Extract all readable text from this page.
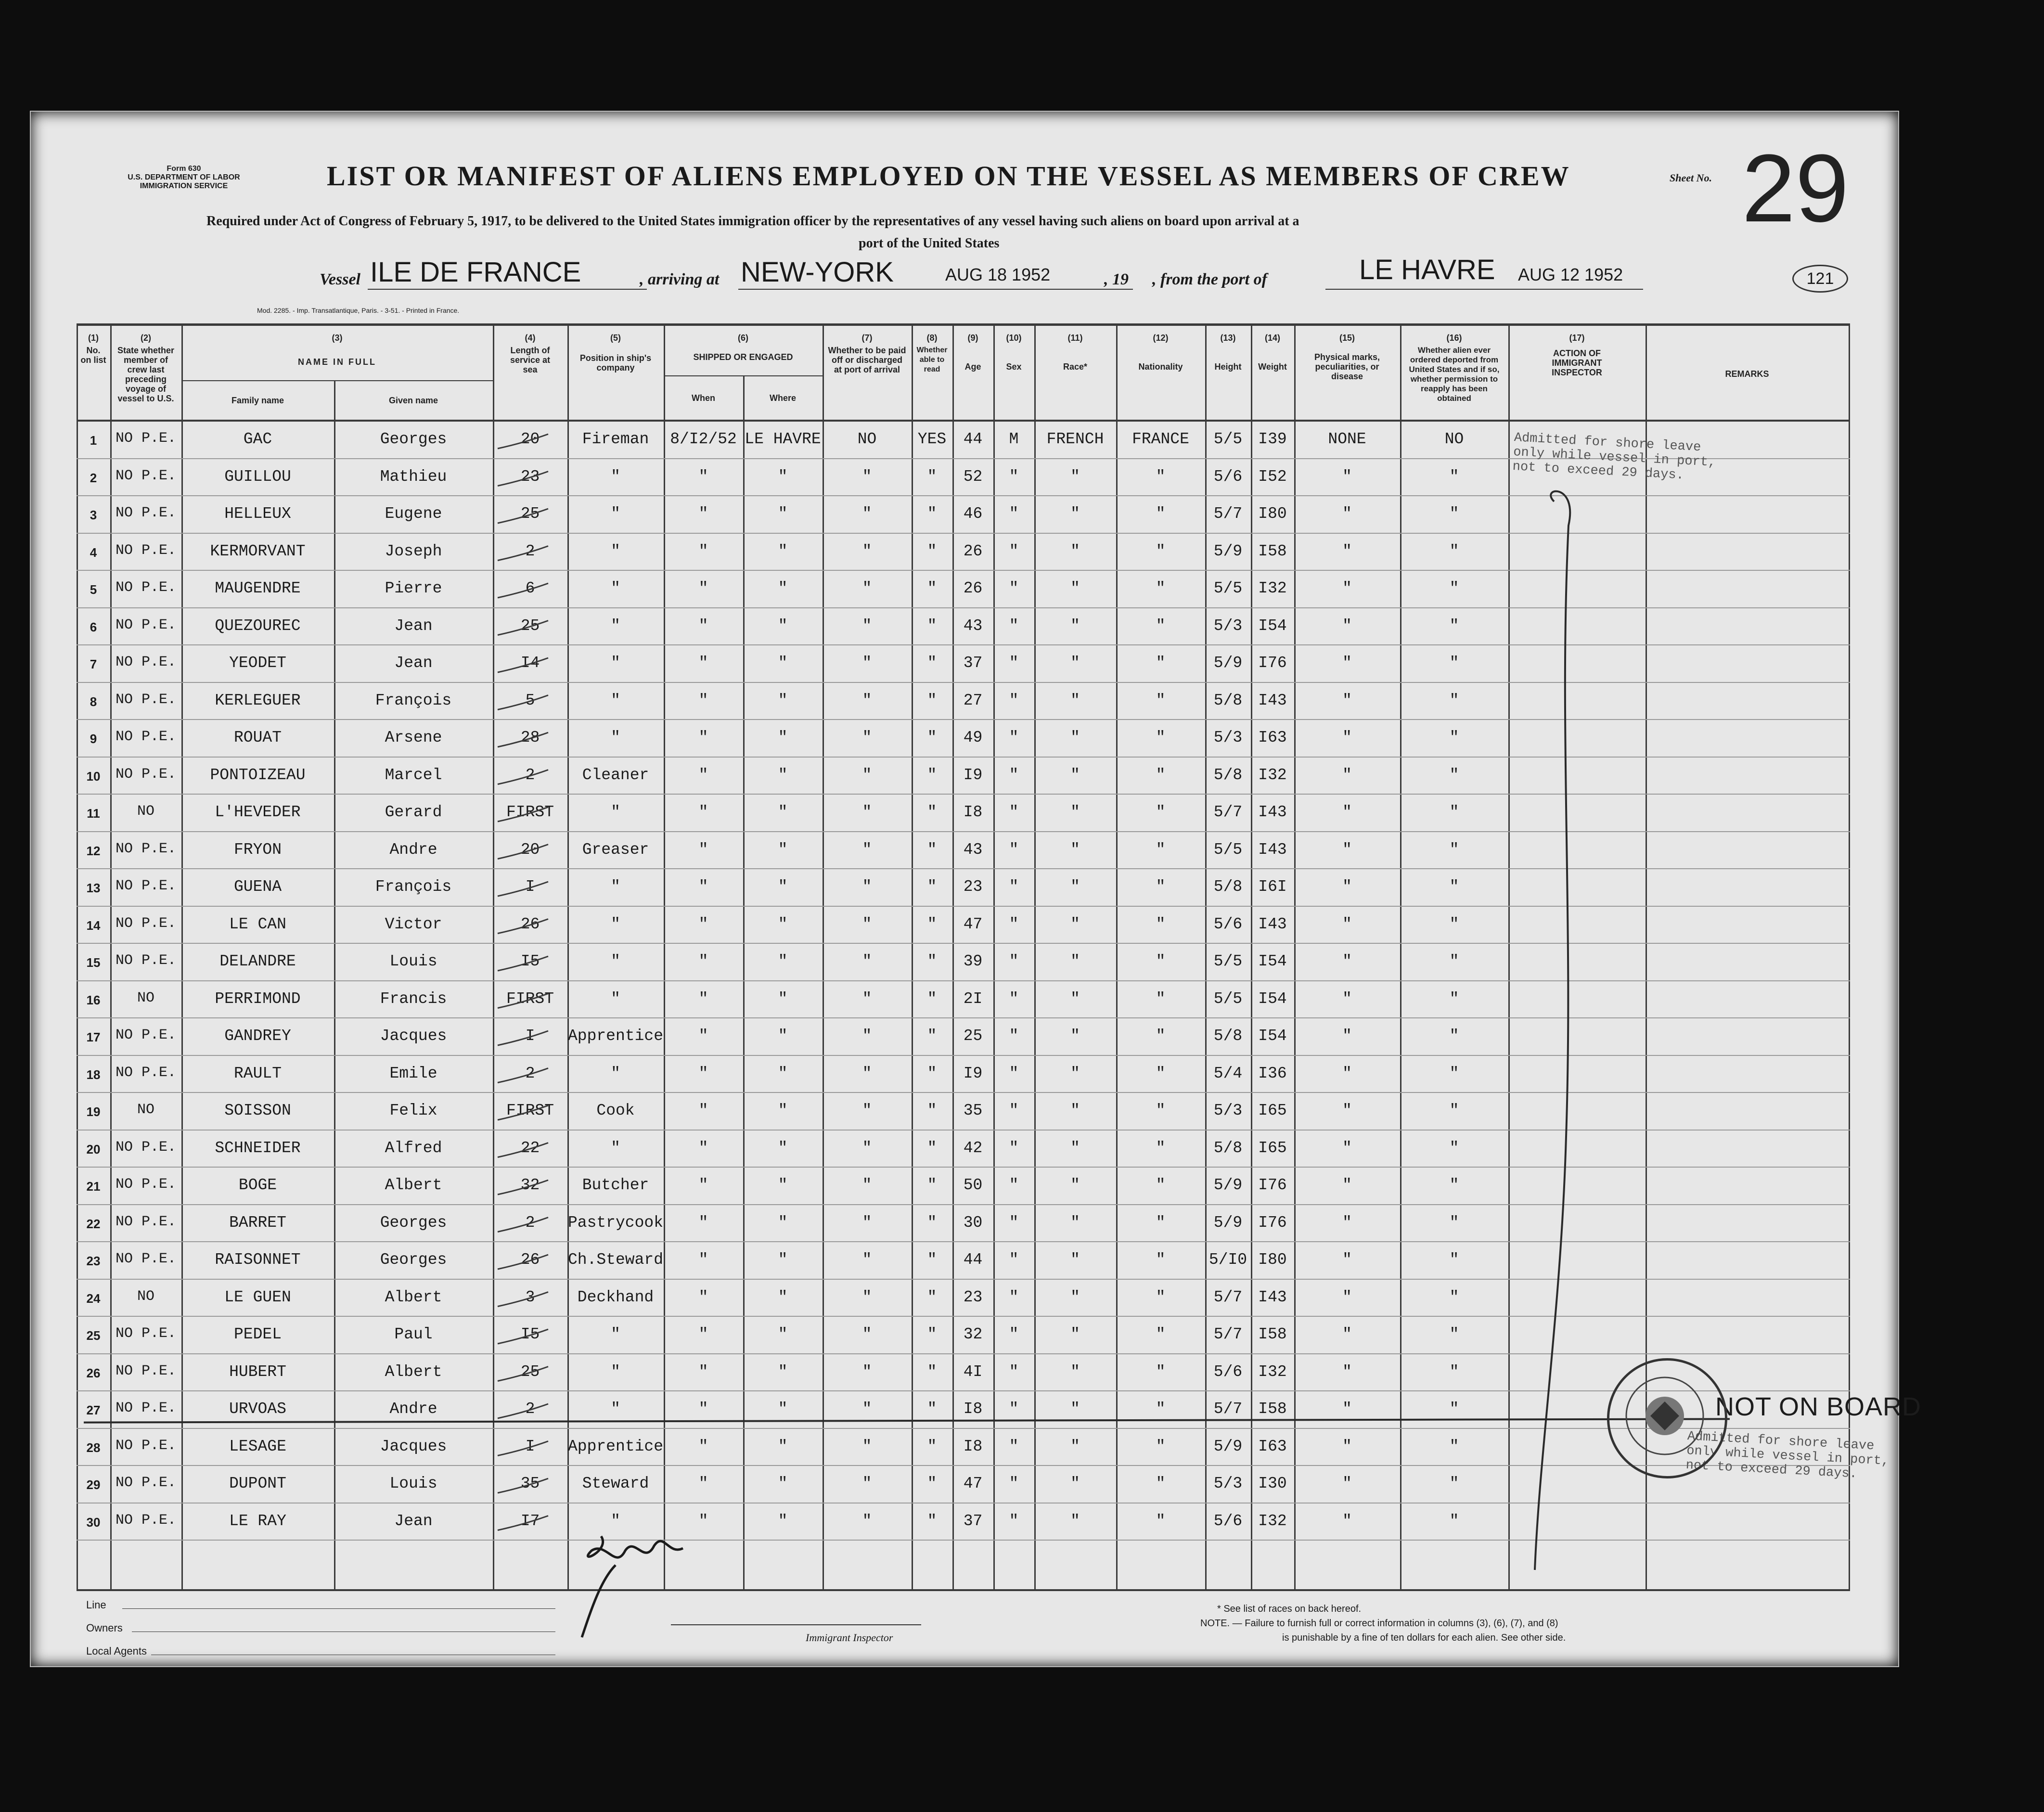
Form 630
U.S. DEPARTMENT OF LABOR
IMMIGRATION SERVICE	LIST OR MANIFEST OF ALIENS EMPLOYED ON THE VESSEL AS MEMBERS OF CREW	Sheet No. 29
121
Required under Act of Congress of February 5, 1917, to be delivered to the United States immigration officer by the representatives of any vessel having such aliens on board upon arrival at a
port of the United States
Vessel ILE DE FRANCE	, arriving at NEW-YORK	AUG 18 1952	, 19 , from the port of	LE HAVRE AUG 12 1952
Mod. 2285. - Imp. Transatlantique, Paris. - 3-51. - Printed in France.
(1)
No. on list
(2)
State whether member of crew last preceding voyage of vessel to U.S.
(3)
NAME IN FULL
Family name	Given name
(4)
Length of service at sea
(5)
Position in ship's company
(6)
SHIPPED OR ENGAGED
When	Where
(7)
Whether to be paid off or discharged at port of arrival
(8)
Whether able to read
(9)
Age
(10)
Sex
(11)
Race*
(12)
Nationality
(13)
Height
(14)
Weight
(15)
Physical marks, peculiarities, or disease
(16)
Whether alien ever ordered deported from United States and if so, whether permission to reapply has been obtained
(17)
ACTION OF IMMIGRANT INSPECTOR	REMARKS
1	NO P.E.	GAC	Georges	20	Fireman	8/I2/52 LE HAVRE	NO	YES	44	M	FRENCH	FRANCE	5/5	I39	NONE	NO
2	NO P.E.	GUILLOU	Mathieu	23	"	"	"	"	"	52	"	"	"	5/6	I52	"	"
3	NO P.E.	HELLEUX	Eugene	25	"	"	"	"	"	46	"	"	"	5/7	I80	"	"
4	NO P.E.	KERMORVANT	Joseph	2	"	"	"	"	"	26	"	"	"	5/9	I58	"	"
5	NO P.E.	MAUGENDRE	Pierre	6	"	"	"	"	"	26	"	"	"	5/5	I32	"	"
6	NO P.E.	QUEZOUREC	Jean	25	"	"	"	"	"	43	"	"	"	5/3	I54	"	"
7	NO P.E.	YEODET	Jean	I4	"	"	"	"	"	37	"	"	"	5/9	I76	"	"
8	NO P.E.	KERLEGUER	François	5	"	"	"	"	"	27	"	"	"	5/8	I43	"	"
9	NO P.E.	ROUAT	Arsene	28	"	"	"	"	"	49	"	"	"	5/3	I63	"	"
10	NO P.E.	PONTOIZEAU	Marcel	2	Cleaner	"	"	"	"	I9	"	"	"	5/8	I32	"	"
11	NO	L'HEVEDER	Gerard	FIRST	"	"	"	"	"	I8	"	"	"	5/7	I43	"	"
12	NO P.E.	FRYON	Andre	20	Greaser	"	"	"	"	43	"	"	"	5/5	I43	"	"
13	NO P.E.	GUENA	François	I	"	"	"	"	"	23	"	"	"	5/8	I6I	"	"
14	NO P.E.	LE CAN	Victor	26	"	"	"	"	"	47	"	"	"	5/6	I43	"	"
15	NO P.E.	DELANDRE	Louis	I5	"	"	"	"	"	39	"	"	"	5/5	I54	"	"
16	NO	PERRIMOND	Francis	FIRST	"	"	"	"	"	2I	"	"	"	5/5	I54	"	"
17	NO P.E.	GANDREY	Jacques	I	Apprentice	"	"	"	"	25	"	"	"	5/8	I54	"	"
18	NO P.E.	RAULT	Emile	2	"	"	"	"	"	I9	"	"	"	5/4	I36	"	"
19	NO	SOISSON	Felix	FIRST	Cook	"	"	"	"	35	"	"	"	5/3	I65	"	"
20	NO P.E.	SCHNEIDER	Alfred	22	"	"	"	"	"	42	"	"	"	5/8	I65	"	"
21	NO P.E.	BOGE	Albert	32	Butcher	"	"	"	"	50	"	"	"	5/9	I76	"	"
22	NO P.E.	BARRET	Georges	2	Pastrycook	"	"	"	"	30	"	"	"	5/9	I76	"	"
23	NO P.E.	RAISONNET	Georges	26	Ch.Steward	"	"	"	"	44	"	"	"	5/I0 I80	"	"
24	NO	LE GUEN	Albert	3	Deckhand	"	"	"	"	23	"	"	"	5/7	I43	"	"
25	NO P.E.	PEDEL	Paul	I5	"	"	"	"	"	32	"	"	"	5/7	I58	"	"
26	NO P.E.	HUBERT	Albert	25	"	"	"	"	"	4I	"	"	"	5/6	I32	"	"
27	NO P.E.	URVOAS	Andre	2	"	"	"	"	"	I8	"	"	"	5/7	I58	"	"
28	NO P.E.	LESAGE	Jacques	I	Apprentice	"	"	"	"	I8	"	"	"	5/9	I63	"	"
29	NO P.E.	DUPONT	Louis	35	Steward	"	"	"	"	47	"	"	"	5/3	I30	"	"
30	NO P.E.	LE RAY	Jean	I7	"	"	"	"	"	37	"	"	"	5/6	I32	"	"
Admitted for shore leave only while vessel in port, not to exceed 29 days.
Admitted for shore leave only while vessel in port, not to exceed 29 days.
NOT ON BOARD
Line
Owners
Local Agents
Immigrant Inspector
* See list of races on back hereof.
NOTE. — Failure to furnish full or correct information in columns (3), (6), (7), and (8)
is punishable by a fine of ten dollars for each alien. See other side.
